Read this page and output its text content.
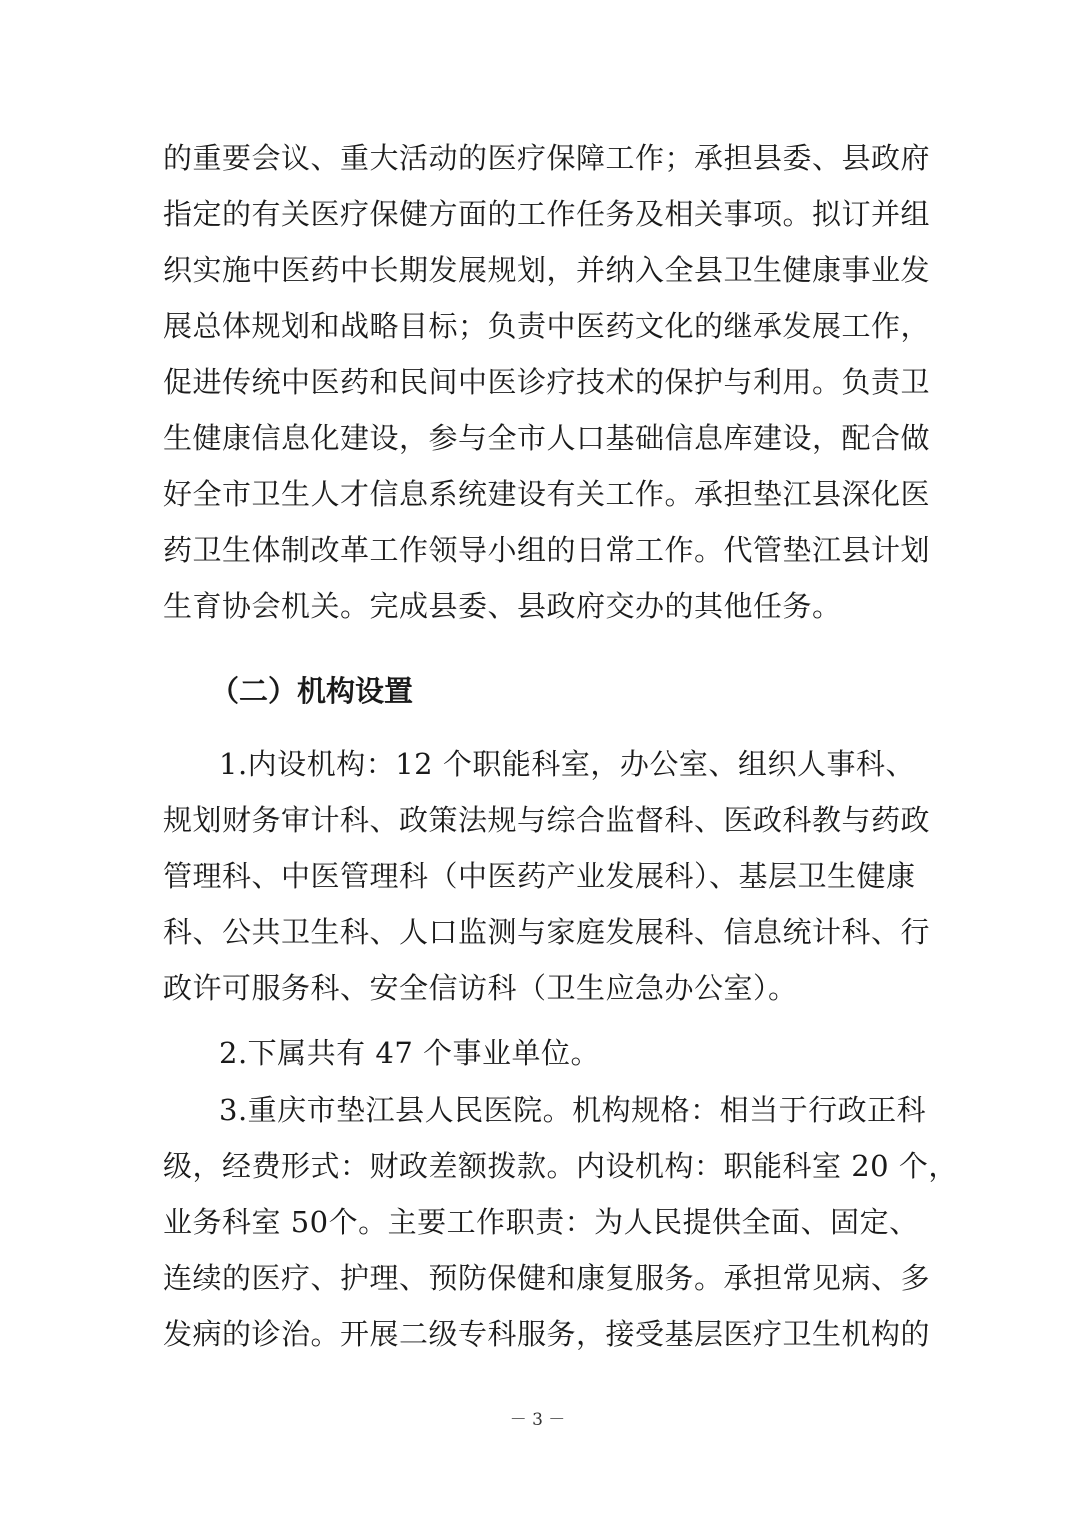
的重要会议、重大活动的医疗保障工作；承担县委、县政府
指定的有关医疗保健方面的工作任务及相关事项。拟订并组
织实施中医药中长期发展规划，并纳入全县卫生健康事业发
展总体规划和战略目标；负责中医药文化的继承发展工作，
促进传统中医药和民间中医诊疗技术的保护与利用。负责卫
生健康信息化建设，参与全市人口基础信息库建设，配合做
好全市卫生人才信息系统建设有关工作。承担垫江县深化医
药卫生体制改革工作领导小组的日常工作。代管垫江县计划
生育协会机关。完成县委、县政府交办的其他任务。
（二）机构设置
1.内设机构：12 个职能科室，办公室、组织人事科、
规划财务审计科、政策法规与综合监督科、医政科教与药政
管理科、中医管理科（中医药产业发展科）、基层卫生健康
科、公共卫生科、人口监测与家庭发展科、信息统计科、行
政许可服务科、安全信访科（卫生应急办公室）。
2.下属共有 47 个事业单位。
3.重庆市垫江县人民医院。机构规格：相当于行政正科
级，经费形式：财政差额拨款。内设机构：职能科室 20 个，
业务科室 50个。主要工作职责：为人民提供全面、固定、
连续的医疗、护理、预防保健和康复服务。承担常见病、多
发病的诊治。开展二级专科服务，接受基层医疗卫生机构的
－ 3 －
